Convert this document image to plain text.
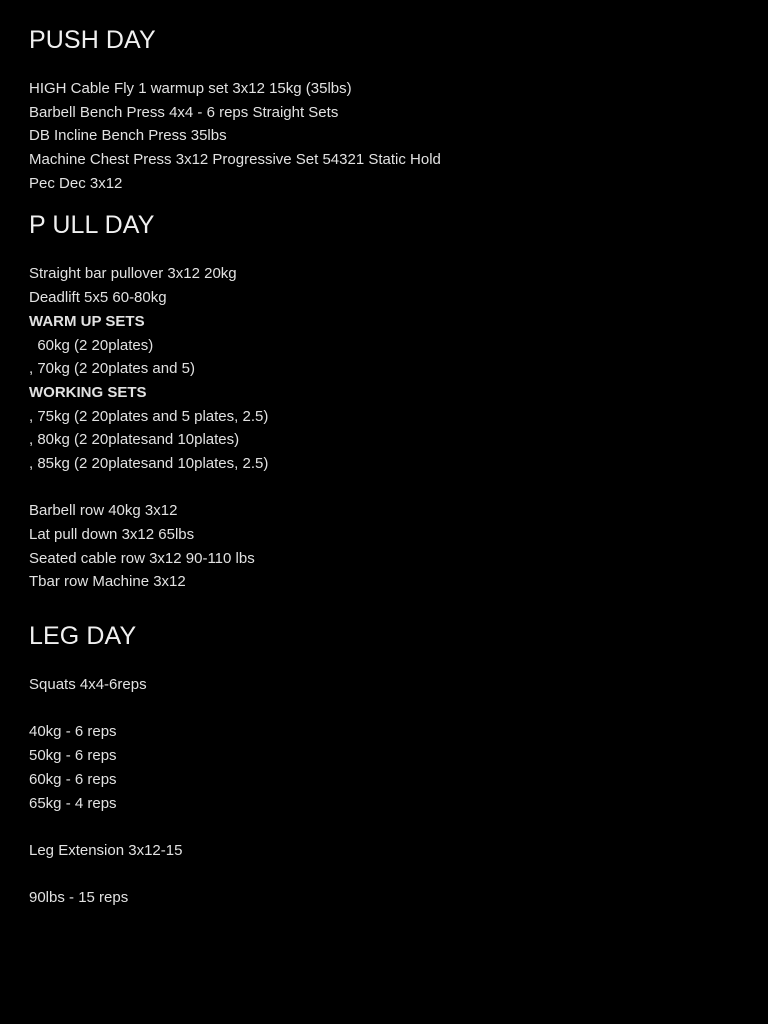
PUSH DAY
HIGH Cable Fly 1 warmup set 3x12 15kg (35lbs)
Barbell Bench Press 4x4 - 6 reps Straight Sets
DB Incline Bench Press 35lbs
Machine Chest Press 3x12 Progressive Set 54321 Static Hold
Pec Dec 3x12
P ULL DAY
Straight bar pullover 3x12 20kg
Deadlift 5x5 60-80kg
WARM UP SETS
60kg (2 20plates)
, 70kg (2 20plates and 5)
WORKING SETS
, 75kg (2 20plates and 5 plates, 2.5)
, 80kg (2 20platesand 10plates)
, 85kg (2 20platesand 10plates, 2.5)
Barbell row 40kg 3x12
Lat pull down 3x12 65lbs
Seated cable row 3x12 90-110 lbs
Tbar row Machine 3x12
LEG DAY
Squats 4x4-6reps
40kg - 6 reps
50kg - 6 reps
60kg - 6 reps
65kg - 4 reps
Leg Extension 3x12-15
90lbs - 15 reps
